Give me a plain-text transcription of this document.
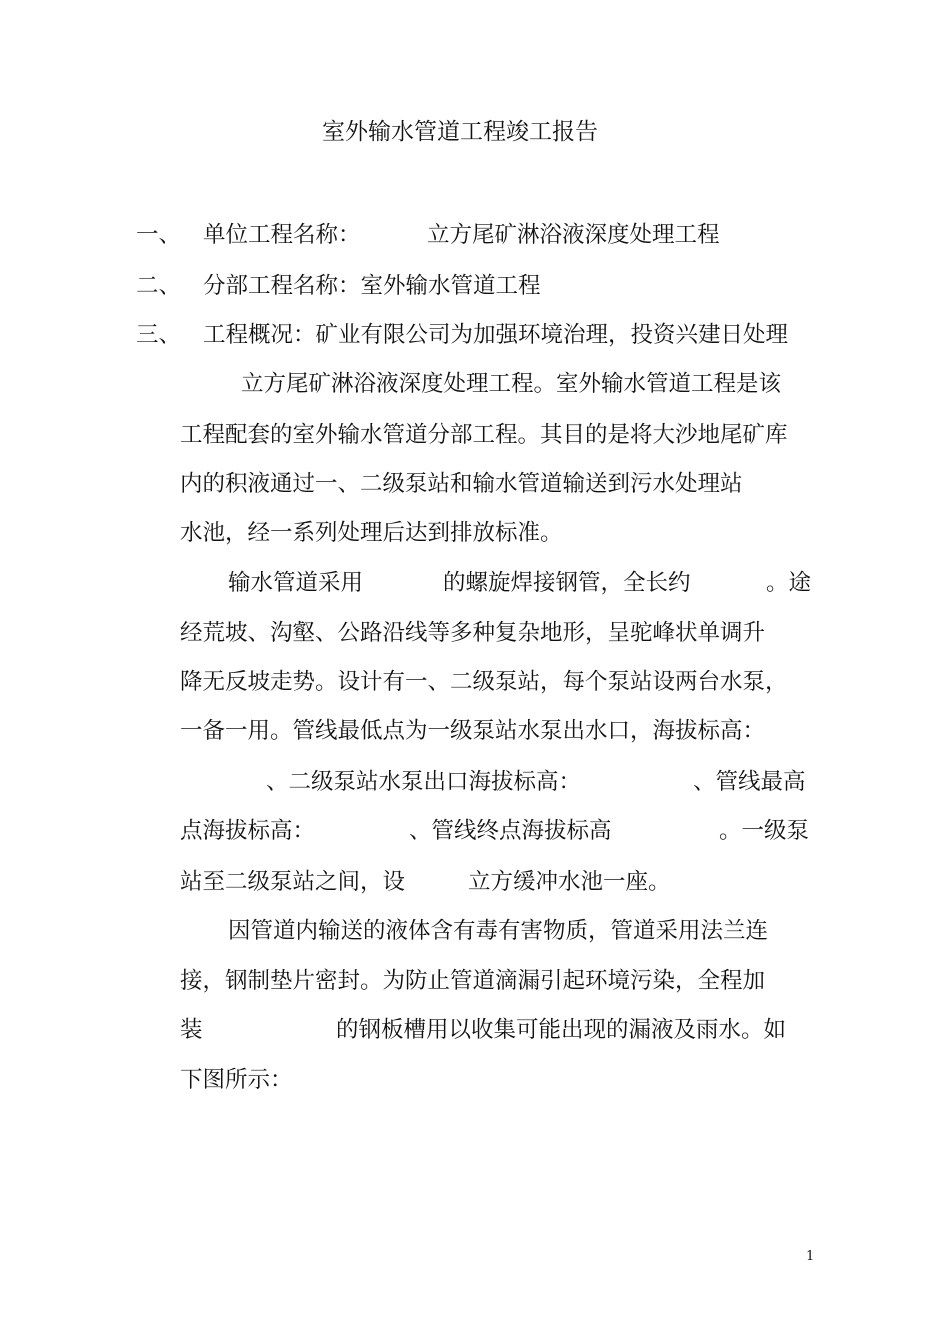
室外输水管道工程竣工报告
一、 单位工程名称：	立方尾矿淋浴液深度处理工程
二、 分部工程名称：室外输水管道工程
三、 工程概况：矿业有限公司为加强环境治理，投资兴建日处理
立方尾矿淋浴液深度处理工程。室外输水管道工程是该
工程配套的室外输水管道分部工程。其目的是将大沙地尾矿库
内的积液通过一、二级泵站和输水管道输送到污水处理站
水池，经一系列处理后达到排放标准。
输水管道采用	的螺旋焊接钢管，全长约	。途
经荒坡、沟壑、公路沿线等多种复杂地形，呈驼峰状单调升
降无反坡走势。设计有一、二级泵站，每个泵站设两台水泵，
一备一用。管线最低点为一级泵站水泵出水口，海拔标高：
、二级泵站水泵出口海拔标高：	、管线最高
点海拔标高：	、管线终点海拔标高	。一级泵
站至二级泵站之间，设	立方缓冲水池一座。
因管道内输送的液体含有毒有害物质，管道采用法兰连
接，钢制垫片密封。为防止管道滴漏引起环境污染，全程加
装	的钢板槽用以收集可能出现的漏液及雨水。如
下图所示：
1
